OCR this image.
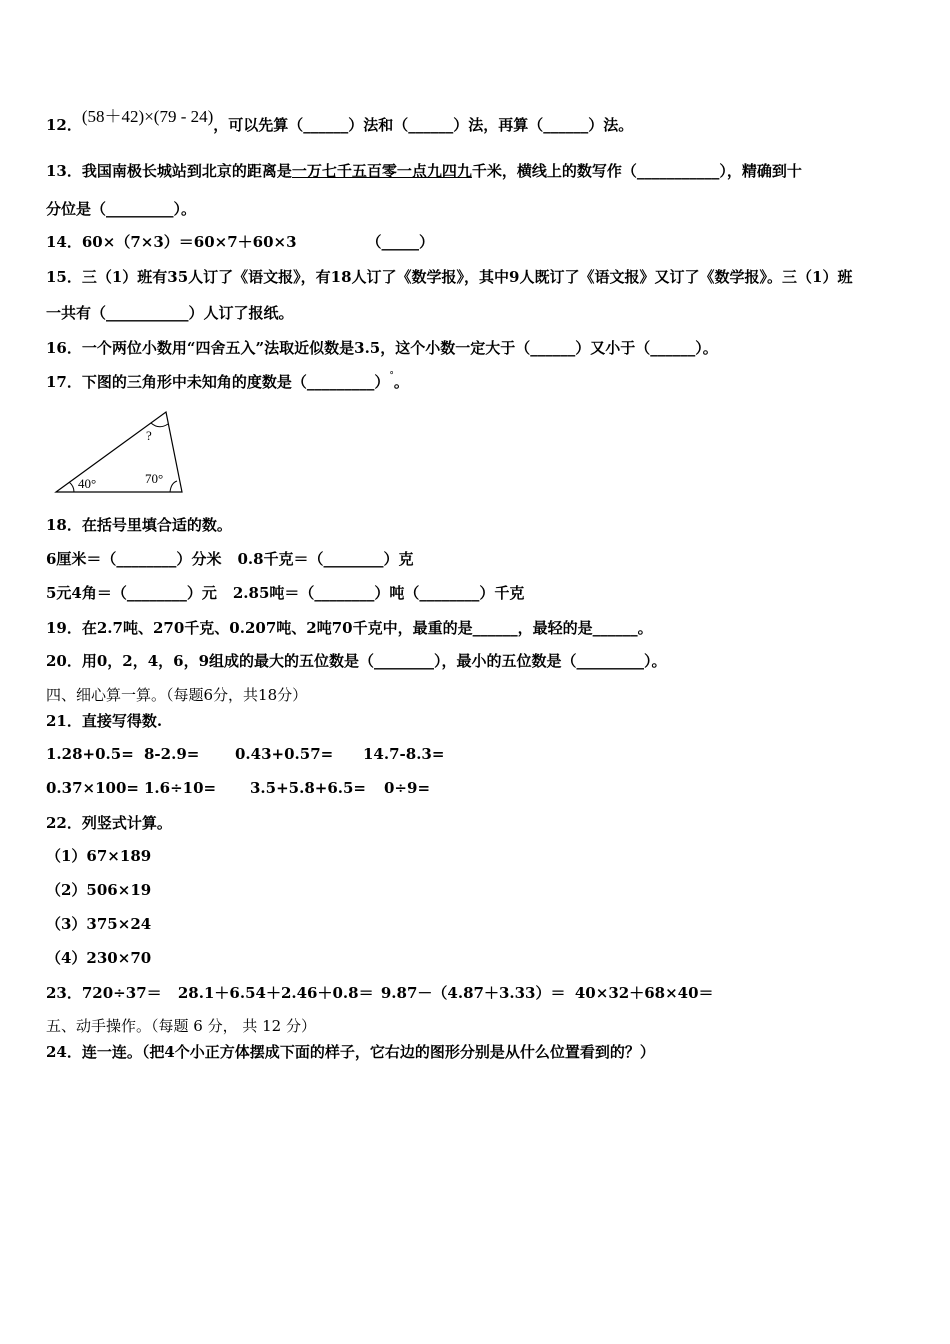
12．(58＋42)×(79 - 24)，可以先算（______）法和（______）法，再算（______）法。
13．我国南极长城站到北京的距离是一万七千五百零一点九四九千米，横线上的数写作（___________），精确到十
分位是（_________）。
14．60×（7×3）＝60×7＋60×3	（_____）
15．三（1）班有35人订了《语文报》，有18人订了《数学报》，其中9人既订了《语文报》又订了《数学报》。三（1）班
一共有（___________）人订了报纸。
16．一个两位小数用“四舍五入”法取近似数是3.5，这个小数一定大于（______）又小于（______）。
17．下图的三角形中未知角的度数是（_________）°。
?
40°	70°
18．在括号里填合适的数。
6厘米＝（________）分米 0.8千克＝（________）克
5元4角＝（________）元 2.85吨＝（________）吨（________）千克
19．在2.7吨、270千克、0.207吨、2吨70千克中，最重的是______，最轻的是______。
20．用0，2，4，6，9组成的最大的五位数是（________），最小的五位数是（_________）。
四、细心算一算。（每题6分，共18分）
21．直接写得数.
1.28+0.5= 8-2.9= 0.43+0.57= 14.7-8.3=
0.37×100= 1.6÷10= 3.5+5.8+6.5= 0÷9=
22．列竖式计算。
（1）67×189
（2）506×19
（3）375×24
（4）230×70
23．720÷37＝ 28.1＋6.54＋2.46＋0.8＝ 9.87－（4.87＋3.33）＝ 40×32＋68×40＝
五、动手操作。（每题 6 分， 共 12 分）
24．连一连。（把4个小正方体摆成下面的样子，它右边的图形分别是从什么位置看到的？）
